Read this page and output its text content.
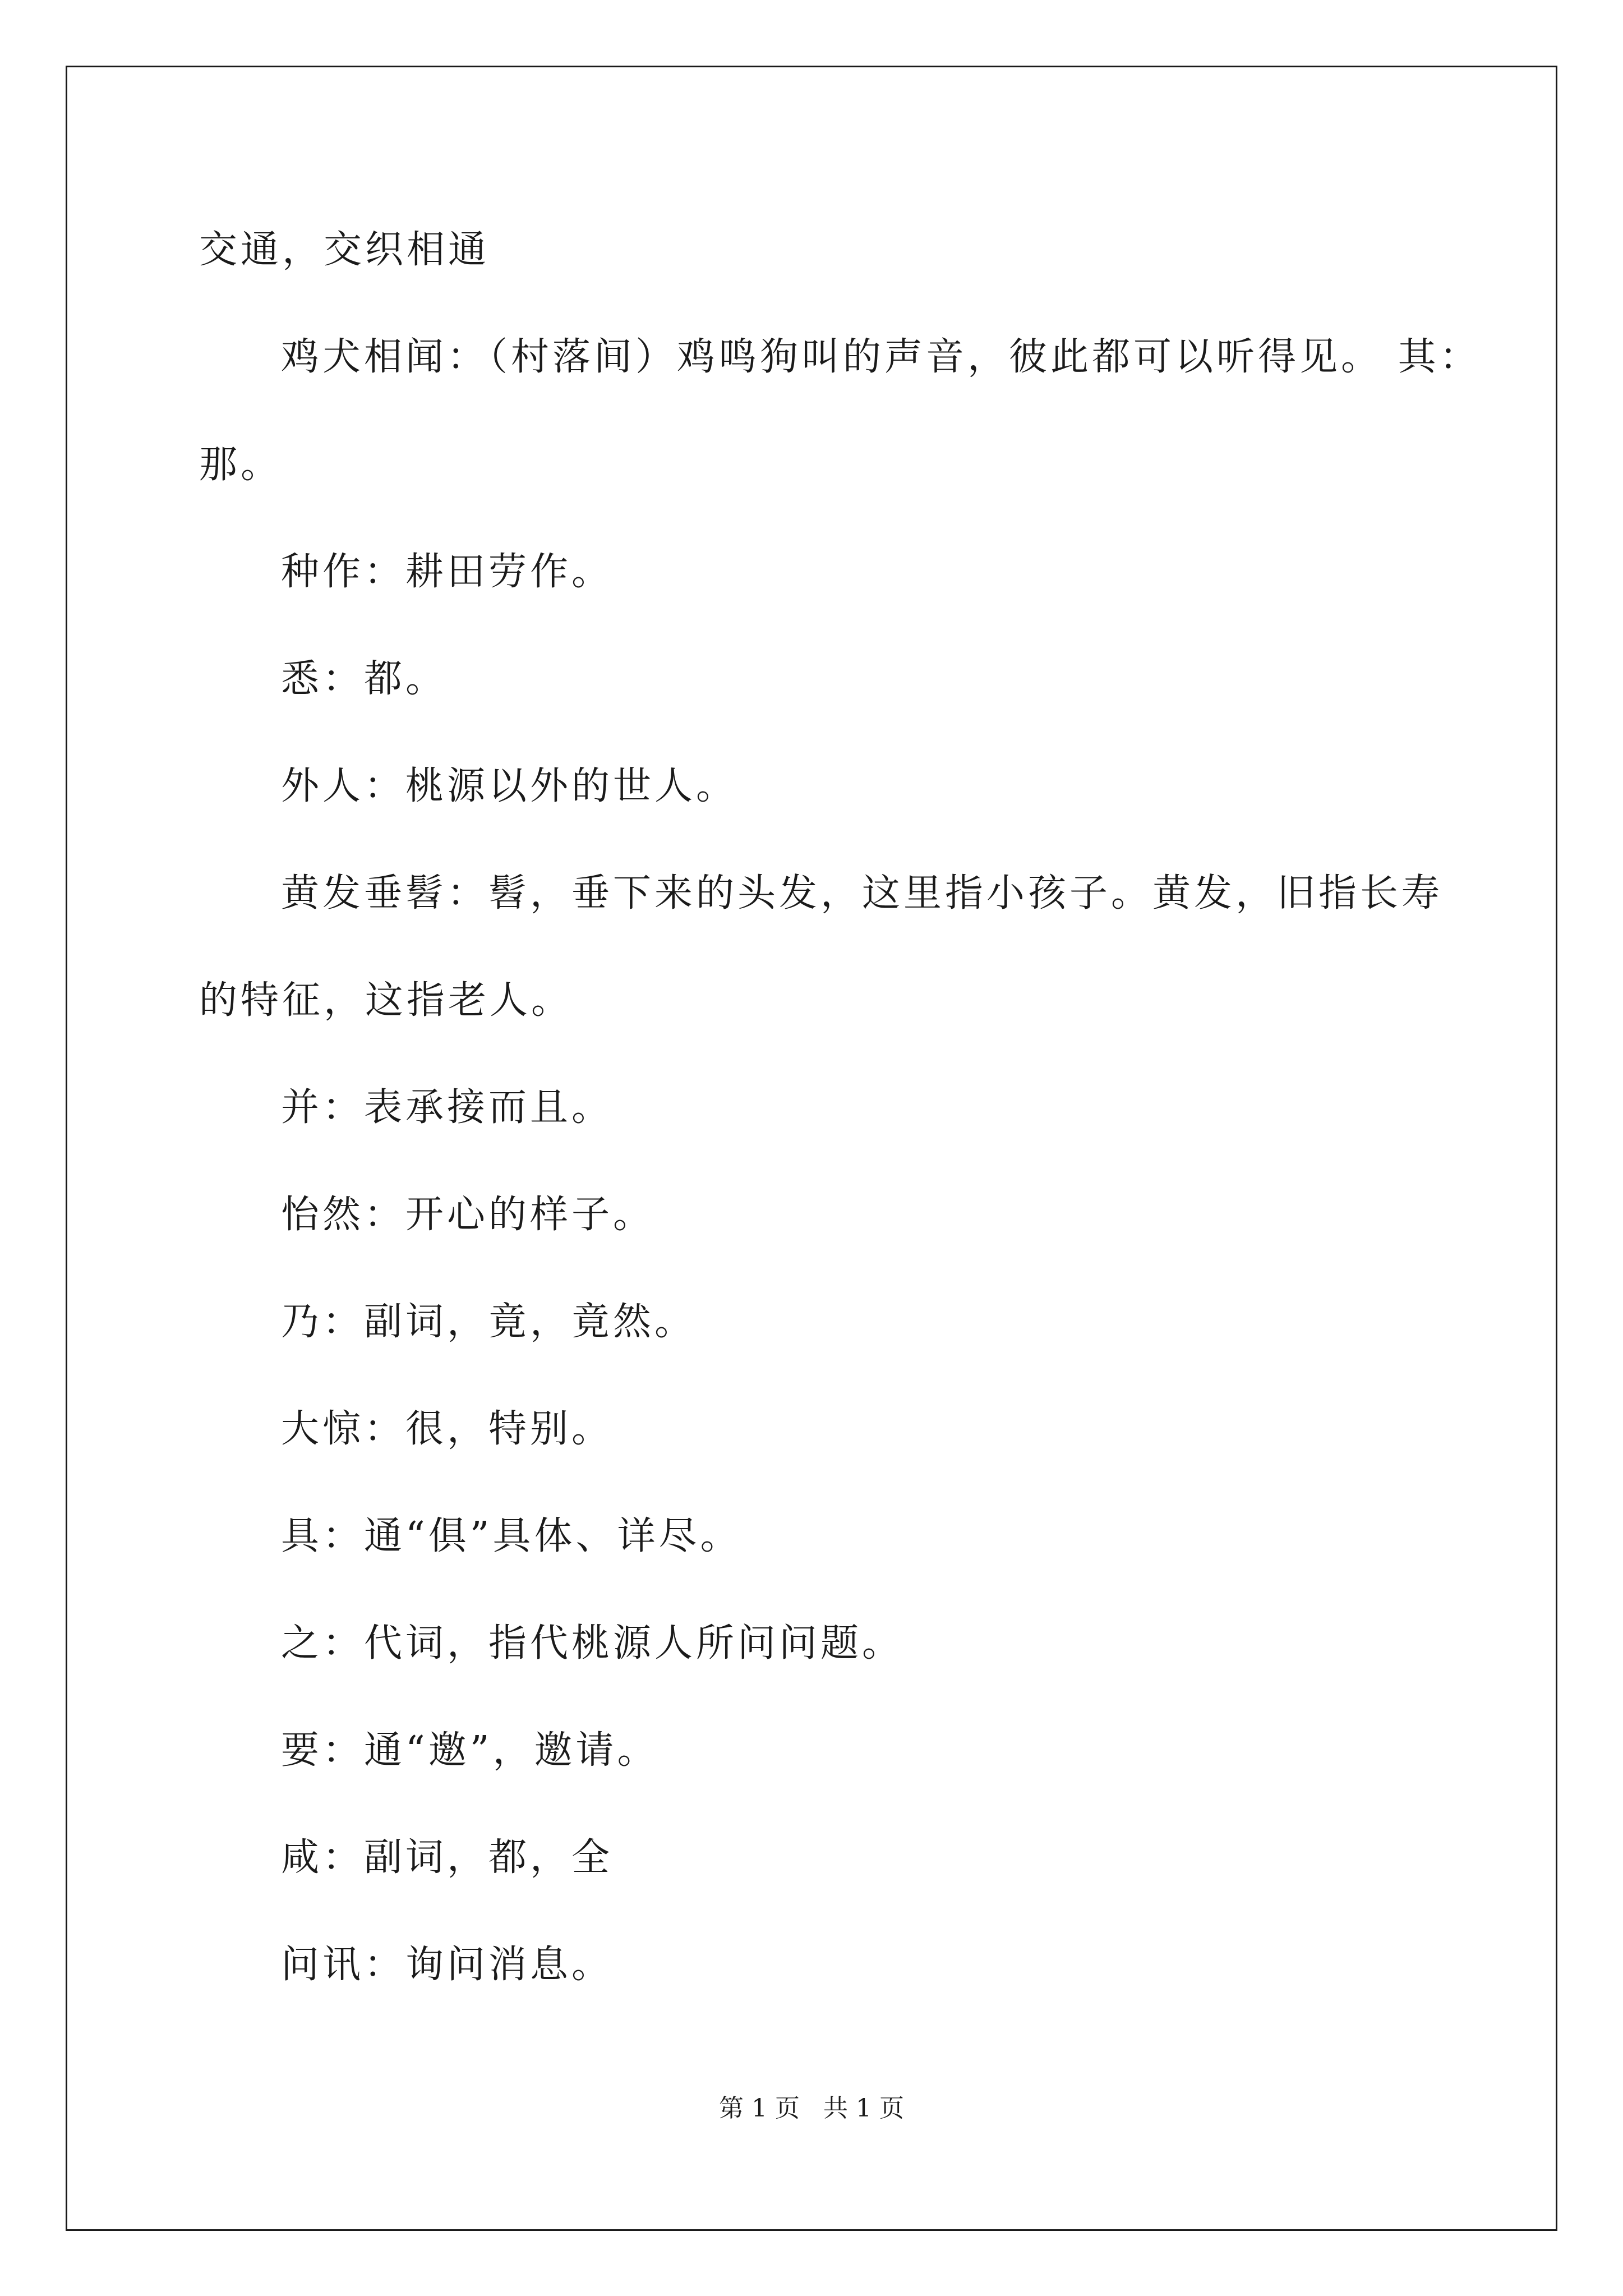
交通，交织相通
鸡犬相闻：（村落间）鸡鸣狗叫的声音，彼此都可以听得见。 其：
那。
种作：耕田劳作。
悉：都。
外人：桃源以外的世人。
黄发垂髫：髫，垂下来的头发，这里指小孩子。黄发，旧指长寿
的特征，这指老人。
并：表承接而且。
怡然：开心的样子。
乃：副词，竟，竟然。
大惊：很，特别。
具：通“俱”具体、详尽。
之：代词，指代桃源人所问问题。
要：通“邀”，邀请。
咸：副词，都，全
问讯：询问消息。
第 1 页   共 1 页
